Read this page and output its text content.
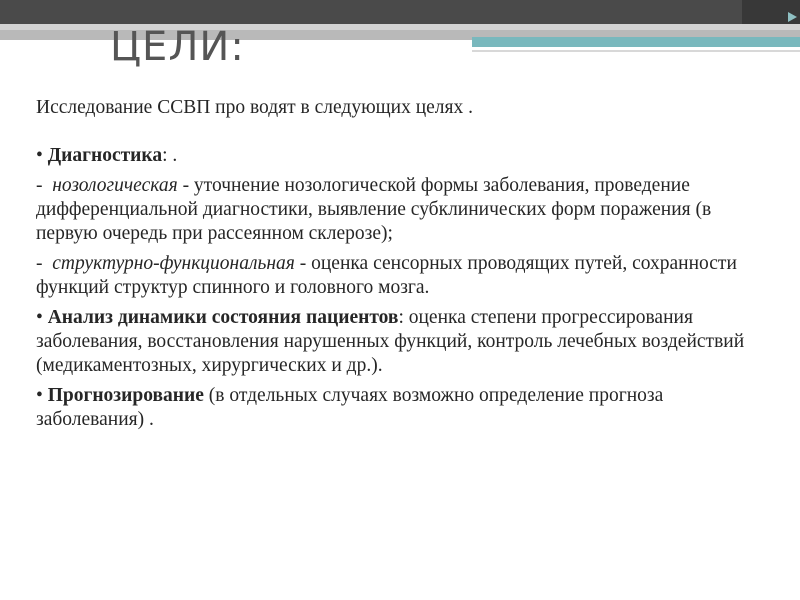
ЦЕЛИ:

Исследование ССВП про водят в следующих целях .

• Диагностика: .

- нозологическая - уточнение нозологической формы заболевания, проведение дифференциальной диагностики, выявление субклинических форм поражения (в первую очередь при рассеянном склерозе);

- структурно-функциональная - оценка сенсорных проводящих путей, сохранности функций структур спинного и головного мозга.

• Анализ динамики состояния пациентов: оценка степени прогрессирования заболевания, восстановления нарушенных функций, контроль лечебных воздействий (медикаментозных, хирургических и др.).

• Прогнозирование (в отдельных случаях возможно определение прогноза заболевания) .
